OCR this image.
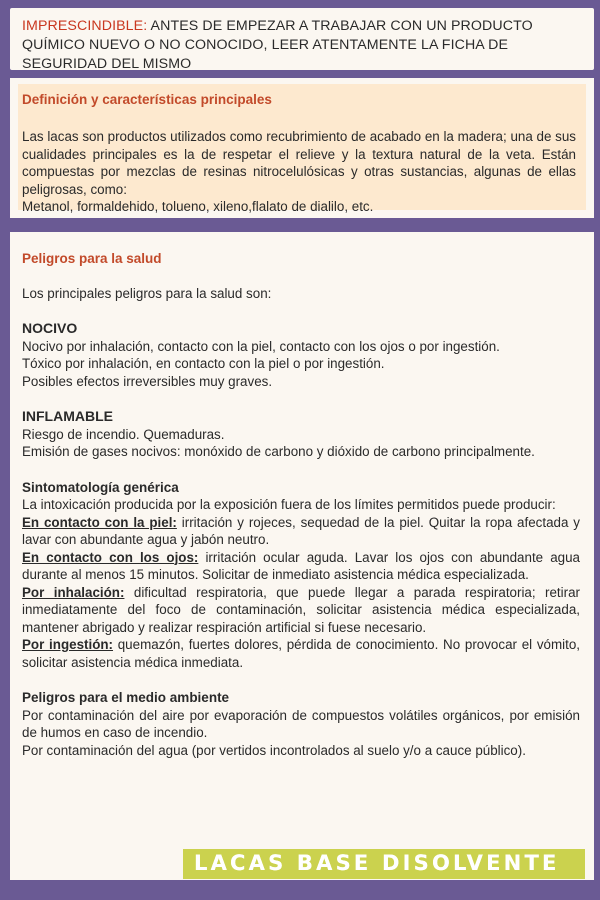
IMPRESCINDIBLE: ANTES DE EMPEZAR A TRABAJAR CON UN PRODUCTO QUÍMICO NUEVO O NO CONOCIDO, LEER ATENTAMENTE LA FICHA DE SEGURIDAD DEL MISMO
Definición y características principales

Las lacas son productos utilizados como recubrimiento de acabado en la madera; una de sus cualidades principales es la de respetar el relieve y la textura natural de la veta. Están compuestas por mezclas de resinas nitrocelulósicas y otras sustancias, algunas de ellas peligrosas, como:

Metanol, formaldehido, tolueno, xileno,flalato de dialilo, etc.

Peligros para la salud

Los principales peligros para la salud son:

NOCIVO

Nocivo por inhalación, contacto con la piel, contacto con los ojos o por ingestión.

Tóxico por inhalación, en contacto con la piel o por ingestión.

Posibles efectos irreversibles muy graves.

INFLAMABLE

Riesgo de incendio. Quemaduras.

Emisión de gases nocivos: monóxido de carbono y dióxido de carbono principalmente.

Sintomatología genérica

La intoxicación producida por la exposición fuera de los límites permitidos puede producir:

En contacto con la piel: irritación y rojeces, sequedad de la piel. Quitar la ropa afectada y lavar con abundante agua y jabón neutro.

En contacto con los ojos: irritación ocular aguda. Lavar los ojos con abundante agua durante al menos 15 minutos. Solicitar de inmediato asistencia médica especializada.

Por inhalación: dificultad respiratoria, que puede llegar a parada respiratoria; retirar inmediatamente del foco de contaminación, solicitar asistencia médica especializada, mantener abrigado y realizar respiración artificial si fuese necesario.

Por ingestión: quemazón, fuertes dolores, pérdida de conocimiento. No provocar el vómito, solicitar asistencia médica inmediata.

Peligros para el medio ambiente

Por contaminación del aire por evaporación de compuestos volátiles orgánicos, por emisión de humos en caso de incendio.

Por contaminación del agua (por vertidos incontrolados al suelo y/o a cauce público).

LACAS BASE DISOLVENTE
